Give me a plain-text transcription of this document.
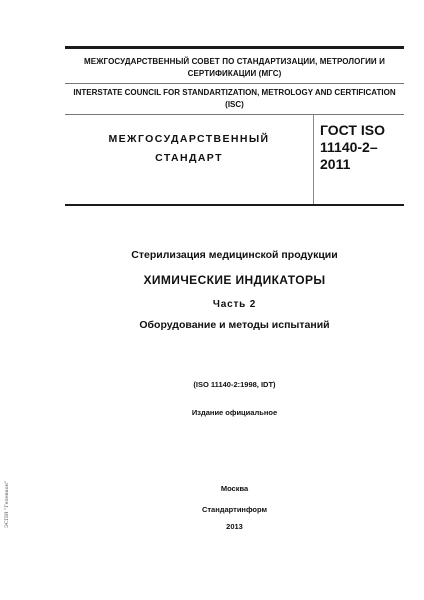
МЕЖГОСУДАРСТВЕННЫЙ СОВЕТ ПО СТАНДАРТИЗАЦИИ, МЕТРОЛОГИИ И СЕРТИФИКАЦИИ (МГС)
INTERSTATE COUNCIL FOR STANDARTIZATION, METROLOGY AND CERTIFICATION (ISC)
МЕЖГОСУДАРСТВЕННЫЙ
СТАНДАРТ
ГОСТ ISO
11140-2–
2011
Стерилизация медицинской продукции
ХИМИЧЕСКИЕ ИНДИКАТОРЫ
Часть 2
Оборудование и методы испытаний
(ISO 11140-2:1998, IDT)
Издание официальное
Москва
Стандартинформ
2013
ЭСПИ "Гелевкон"
